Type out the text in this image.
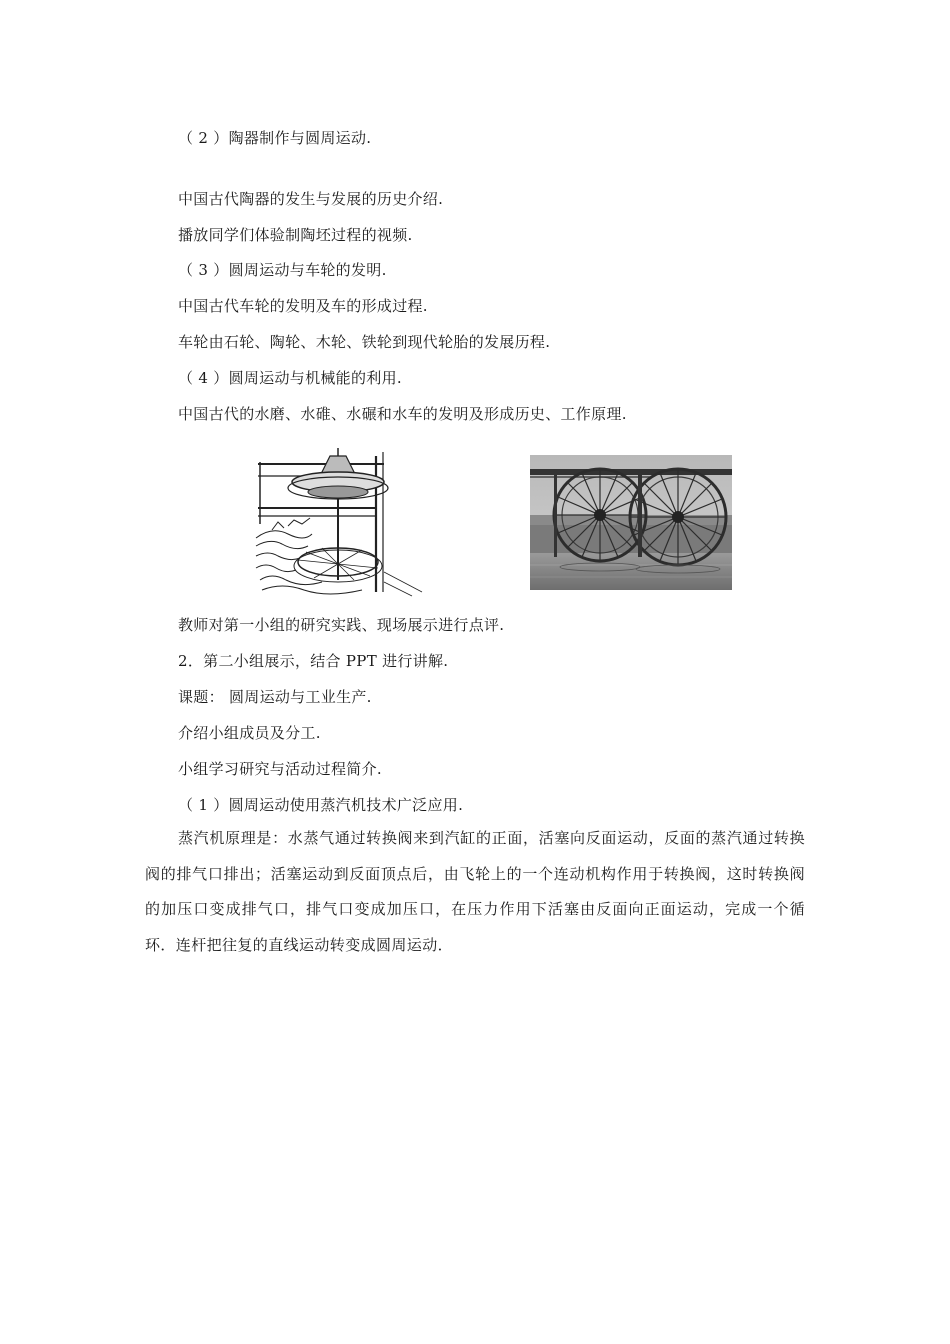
（ 2 ）陶器制作与圆周运动.
中国古代陶器的发生与发展的历史介绍.
播放同学们体验制陶坯过程的视频.
（ 3 ）圆周运动与车轮的发明.
中国古代车轮的发明及车的形成过程.
车轮由石轮、陶轮、木轮、铁轮到现代轮胎的发展历程.
（ 4 ）圆周运动与机械能的利用.
中国古代的水磨、水碓、水碾和水车的发明及形成历史、工作原理.
教师对第一小组的研究实践、现场展示进行点评.
2．第二小组展示，结合 PPT 进行讲解.
课题： 圆周运动与工业生产.
介绍小组成员及分工.
小组学习研究与活动过程简介.
（ 1 ）圆周运动使用蒸汽机技术广泛应用.
蒸汽机原理是：水蒸气通过转换阀来到汽缸的正面，活塞向反面运动，反面的蒸汽通过转换阀的排气口排出；活塞运动到反面顶点后，由飞轮上的一个连动机构作用于转换阀，这时转换阀的加压口变成排气口，排气口变成加压口，在压力作用下活塞由反面向正面运动，完成一个循环．连杆把往复的直线运动转变成圆周运动．
